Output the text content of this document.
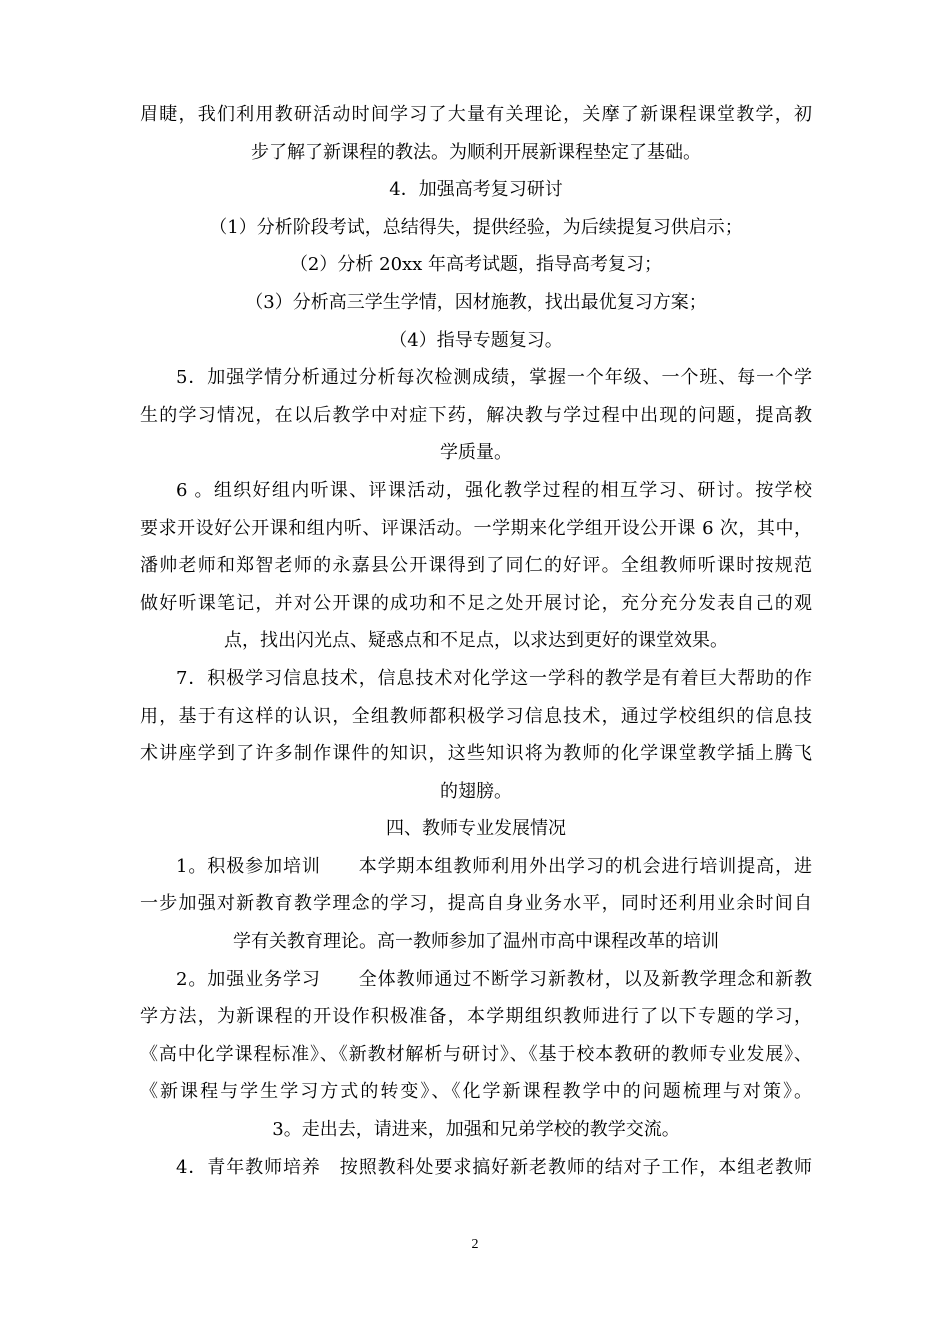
眉睫，我们利用教研活动时间学习了大量有关理论，关摩了新课程课堂教学，初
步了解了新课程的教法。为顺利开展新课程垫定了基础。
4．加强高考复习研讨
（1）分析阶段考试，总结得失，提供经验，为后续提复习供启示；
（2）分析 20xx 年高考试题，指导高考复习；
（3）分析高三学生学情，因材施教，找出最优复习方案；
（4）指导专题复习。
5．加强学情分析通过分析每次检测成绩，掌握一个年级、一个班、每一个学
生的学习情况，在以后教学中对症下药，解决教与学过程中出现的问题，提高教
学质量。
6 。组织好组内听课、评课活动，强化教学过程的相互学习、研讨。按学校
要求开设好公开课和组内听、评课活动。一学期来化学组开设公开课 6 次，其中，
潘帅老师和郑智老师的永嘉县公开课得到了同仁的好评。全组教师听课时按规范
做好听课笔记，并对公开课的成功和不足之处开展讨论，充分充分发表自己的观
点，找出闪光点、疑惑点和不足点，以求达到更好的课堂效果。
7．积极学习信息技术，信息技术对化学这一学科的教学是有着巨大帮助的作
用，基于有这样的认识，全组教师都积极学习信息技术，通过学校组织的信息技
术讲座学到了许多制作课件的知识，这些知识将为教师的化学课堂教学插上腾飞
的翅膀。
四、教师专业发展情况
1。积极参加培训　　本学期本组教师利用外出学习的机会进行培训提高，进
一步加强对新教育教学理念的学习，提高自身业务水平，同时还利用业余时间自
学有关教育理论。高一教师参加了温州市高中课程改革的培训
2。加强业务学习　　全体教师通过不断学习新教材，以及新教学理念和新教
学方法，为新课程的开设作积极准备，本学期组织教师进行了以下专题的学习，
《高中化学课程标准》、《新教材解析与研讨》、《基于校本教研的教师专业发展》、
《新课程与学生学习方式的转变》、《化学新课程教学中的问题梳理与对策》。
3。走出去，请进来，加强和兄弟学校的教学交流。
4．青年教师培养　按照教科处要求搞好新老教师的结对子工作，本组老教师
2
